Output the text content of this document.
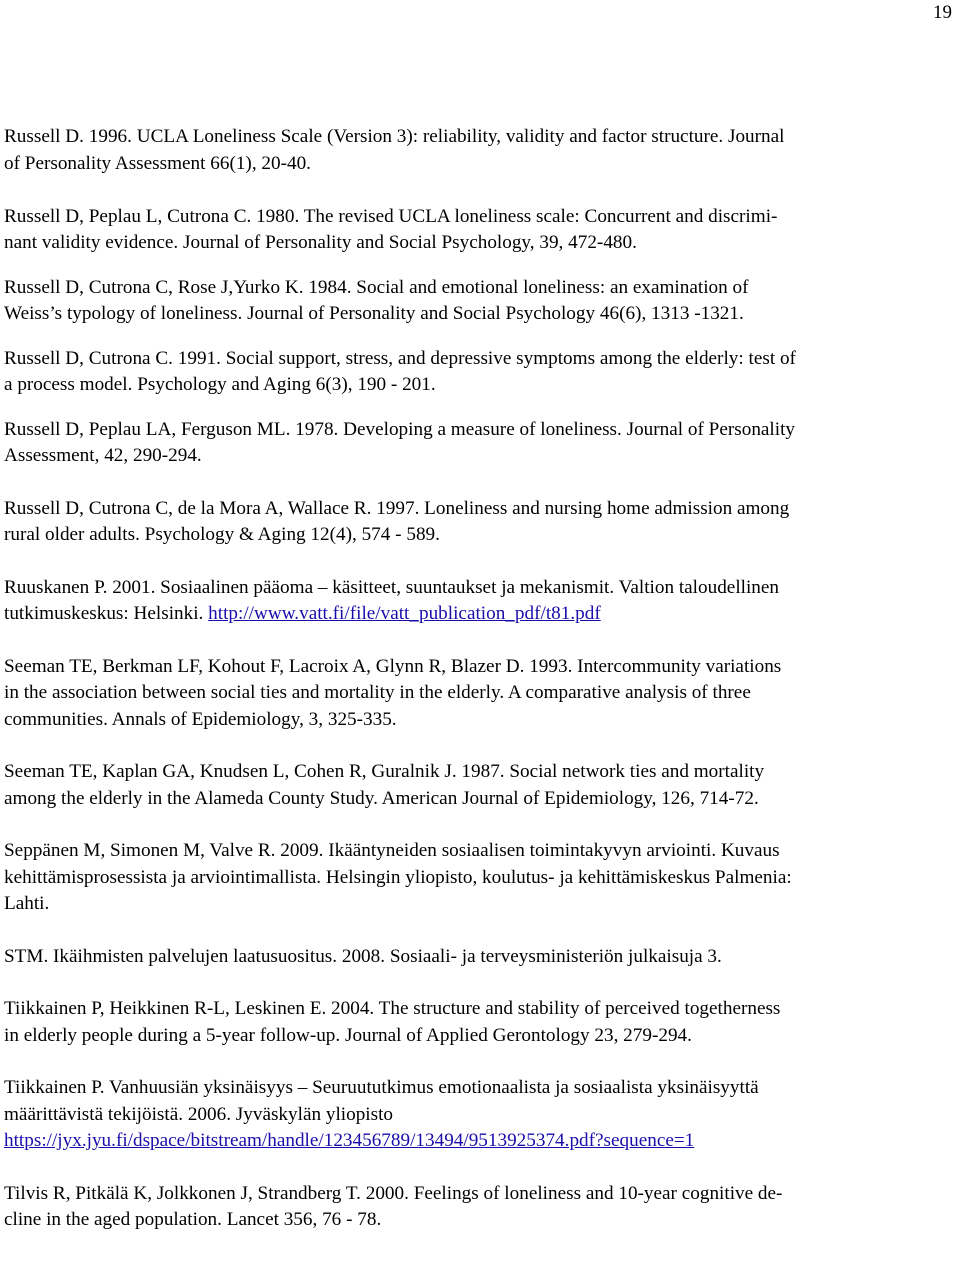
19

Russell D. 1996. UCLA Loneliness Scale (Version 3): reliability, validity and factor structure. Journal
of Personality Assessment 66(1), 20-40.

Russell D, Peplau L, Cutrona C. 1980. The revised UCLA loneliness scale: Concurrent and discrimi-
nant validity evidence. Journal of Personality and Social Psychology, 39, 472-480.

Russell D, Cutrona C, Rose J,Yurko K. 1984. Social and emotional loneliness: an examination of
Weiss’s typology of loneliness. Journal of Personality and Social Psychology 46(6), 1313 -1321.

Russell D, Cutrona C. 1991. Social support, stress, and depressive symptoms among the elderly: test of
a process model. Psychology and Aging 6(3), 190 - 201.

Russell D, Peplau LA, Ferguson ML. 1978. Developing a measure of loneliness. Journal of Personality
Assessment, 42, 290-294.

Russell D, Cutrona C, de la Mora A, Wallace R. 1997. Loneliness and nursing home admission among
rural older adults. Psychology & Aging 12(4), 574 - 589.

Ruuskanen P. 2001. Sosiaalinen pääoma – käsitteet, suuntaukset ja mekanismit. Valtion taloudellinen
tutkimuskeskus: Helsinki. http://www.vatt.fi/file/vatt_publication_pdf/t81.pdf

Seeman TE, Berkman LF, Kohout F, Lacroix A, Glynn R, Blazer D. 1993. Intercommunity variations
in the association between social ties and mortality in the elderly. A comparative analysis of three
communities. Annals of Epidemiology, 3, 325-335.

Seeman TE, Kaplan GA, Knudsen L, Cohen R, Guralnik J. 1987. Social network ties and mortality
among the elderly in the Alameda County Study. American Journal of Epidemiology, 126, 714-72.

Seppänen M, Simonen M, Valve R. 2009. Ikääntyneiden sosiaalisen toimintakyvyn arviointi. Kuvaus
kehittämisprosessista ja arviointimallista. Helsingin yliopisto, koulutus- ja kehittämiskeskus Palmenia:
Lahti.

STM. Ikäihmisten palvelujen laatusuositus. 2008. Sosiaali- ja terveysministeriön julkaisuja 3.

Tiikkainen P, Heikkinen R-L, Leskinen E. 2004. The structure and stability of perceived togetherness
in elderly people during a 5-year follow-up. Journal of Applied Gerontology 23, 279-294.

Tiikkainen P. Vanhuusiän yksinäisyys – Seuruututkimus emotionaalista ja sosiaalista yksinäisyyttä
määrittävistä tekijöistä. 2006. Jyväskylän yliopisto
https://jyx.jyu.fi/dspace/bitstream/handle/123456789/13494/9513925374.pdf?sequence=1

Tilvis R, Pitkälä K, Jolkkonen J, Strandberg T. 2000. Feelings of loneliness and 10-year cognitive de-
cline in the aged population. Lancet 356, 76 - 78.
